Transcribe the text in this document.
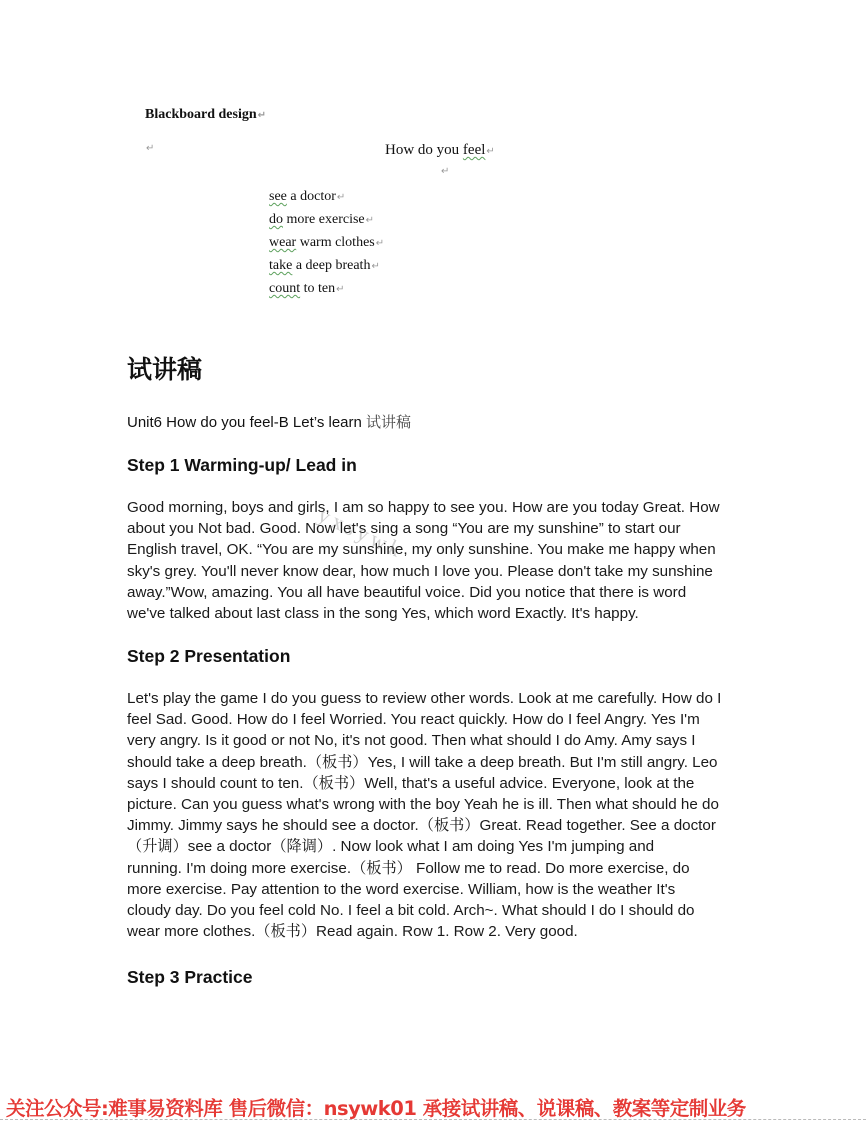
Blackboard design↵
↵	How do you feel↵
↵
see a doctor↵
do more exercise↵
wear warm clothes↵
take a deep breath↵
count to ten↵
试讲稿
Unit6 How do you feel-B Let’s learn 试讲稿
Step 1 Warming-up/ Lead in
Good morning, boys and girls, I am so happy to see you. How are you today Great. How
about you Not bad. Good. Now let's sing a song “You are my sunshine” to start our
English travel, OK. “You are my sunshine, my only sunshine. You make me happy when
sky's grey. You'll never know dear, how much I love you. Please don't take my sunshine
away.”Wow, amazing. You all have beautiful voice. Did you notice that there is word
we've talked about last class in the song Yes, which word Exactly. It's happy.
yxsywk
Step 2 Presentation
Let's play the game I do you guess to review other words. Look at me carefully. How do I
feel Sad. Good. How do I feel Worried. You react quickly. How do I feel Angry. Yes I'm
very angry. Is it good or not No, it's not good. Then what should I do Amy. Amy says I
should take a deep breath.（板书）Yes, I will take a deep breath. But I'm still angry. Leo
says I should count to ten.（板书）Well, that's a useful advice. Everyone, look at the
picture. Can you guess what's wrong with the boy Yeah he is ill. Then what should he do
Jimmy. Jimmy says he should see a doctor.（板书）Great. Read together. See a doctor
（升调）see a doctor（降调）. Now look what I am doing Yes I'm jumping and
running. I'm doing more exercise.（板书） Follow me to read. Do more exercise, do
more exercise. Pay attention to the word exercise. William, how is the weather It's
cloudy day. Do you feel cold No. I feel a bit cold. Arch~. What should I do I should do
wear more clothes.（板书）Read again. Row 1. Row 2. Very good.
Step 3 Practice
关注公众号:难事易资料库 售后微信：nsywk01 承接试讲稿、说课稿、教案等定制业务
